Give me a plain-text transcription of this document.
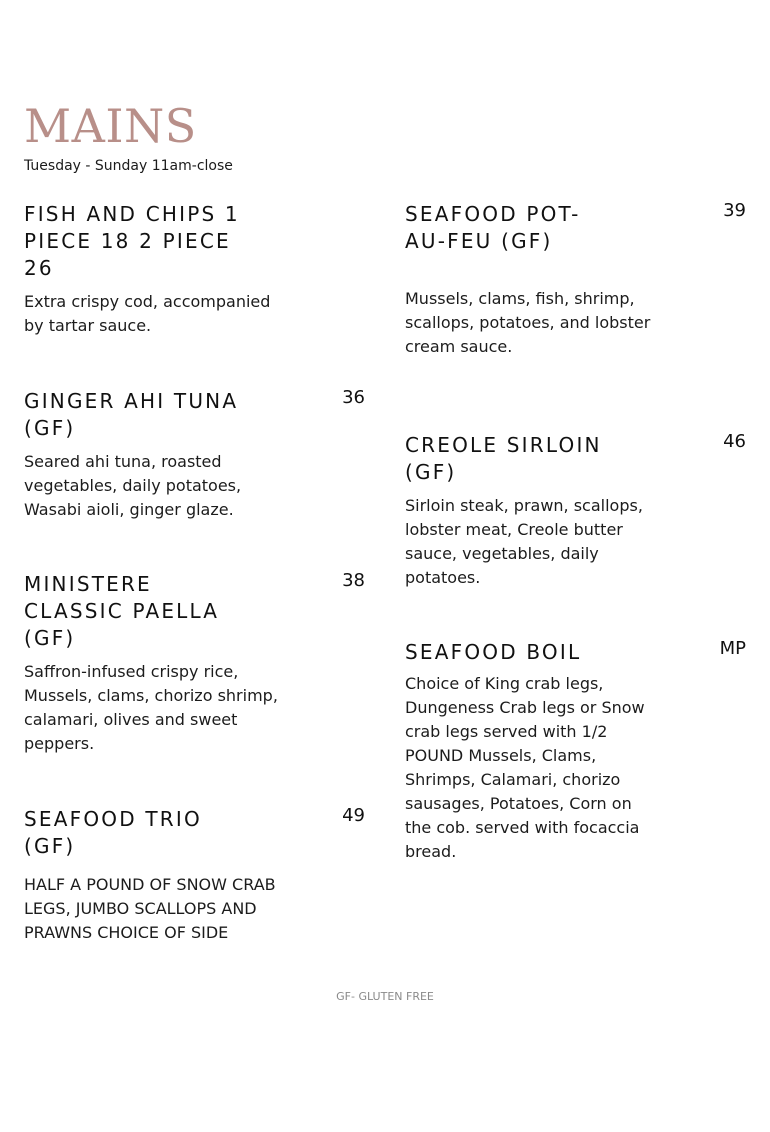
MAINS
Tuesday - Sunday 11am-close
FISH AND CHIPS 1 PIECE 18 2 PIECE 26
Extra crispy cod, accompanied by tartar sauce.
GINGER AHI TUNA (GF)
36
Seared ahi tuna, roasted vegetables, daily potatoes, Wasabi aioli, ginger glaze.
MINISTERE CLASSIC PAELLA (GF)
38
Saffron-infused crispy rice, Mussels, clams, chorizo shrimp, calamari, olives and sweet peppers.
SEAFOOD TRIO (GF)
49
HALF A POUND OF SNOW CRAB LEGS, JUMBO SCALLOPS AND PRAWNS CHOICE OF SIDE
SEAFOOD POT-AU-FEU (GF)
39
Mussels, clams, fish, shrimp, scallops, potatoes, and lobster cream sauce.
CREOLE SIRLOIN (GF)
46
Sirloin steak, prawn, scallops, lobster meat, Creole butter sauce, vegetables, daily potatoes.
SEAFOOD BOIL	MP
Choice of King crab legs, Dungeness Crab legs or Snow crab legs served with 1/2 POUND Mussels, Clams, Shrimps, Calamari, chorizo sausages, Potatoes, Corn on the cob. served with focaccia bread.
GF- GLUTEN FREE
